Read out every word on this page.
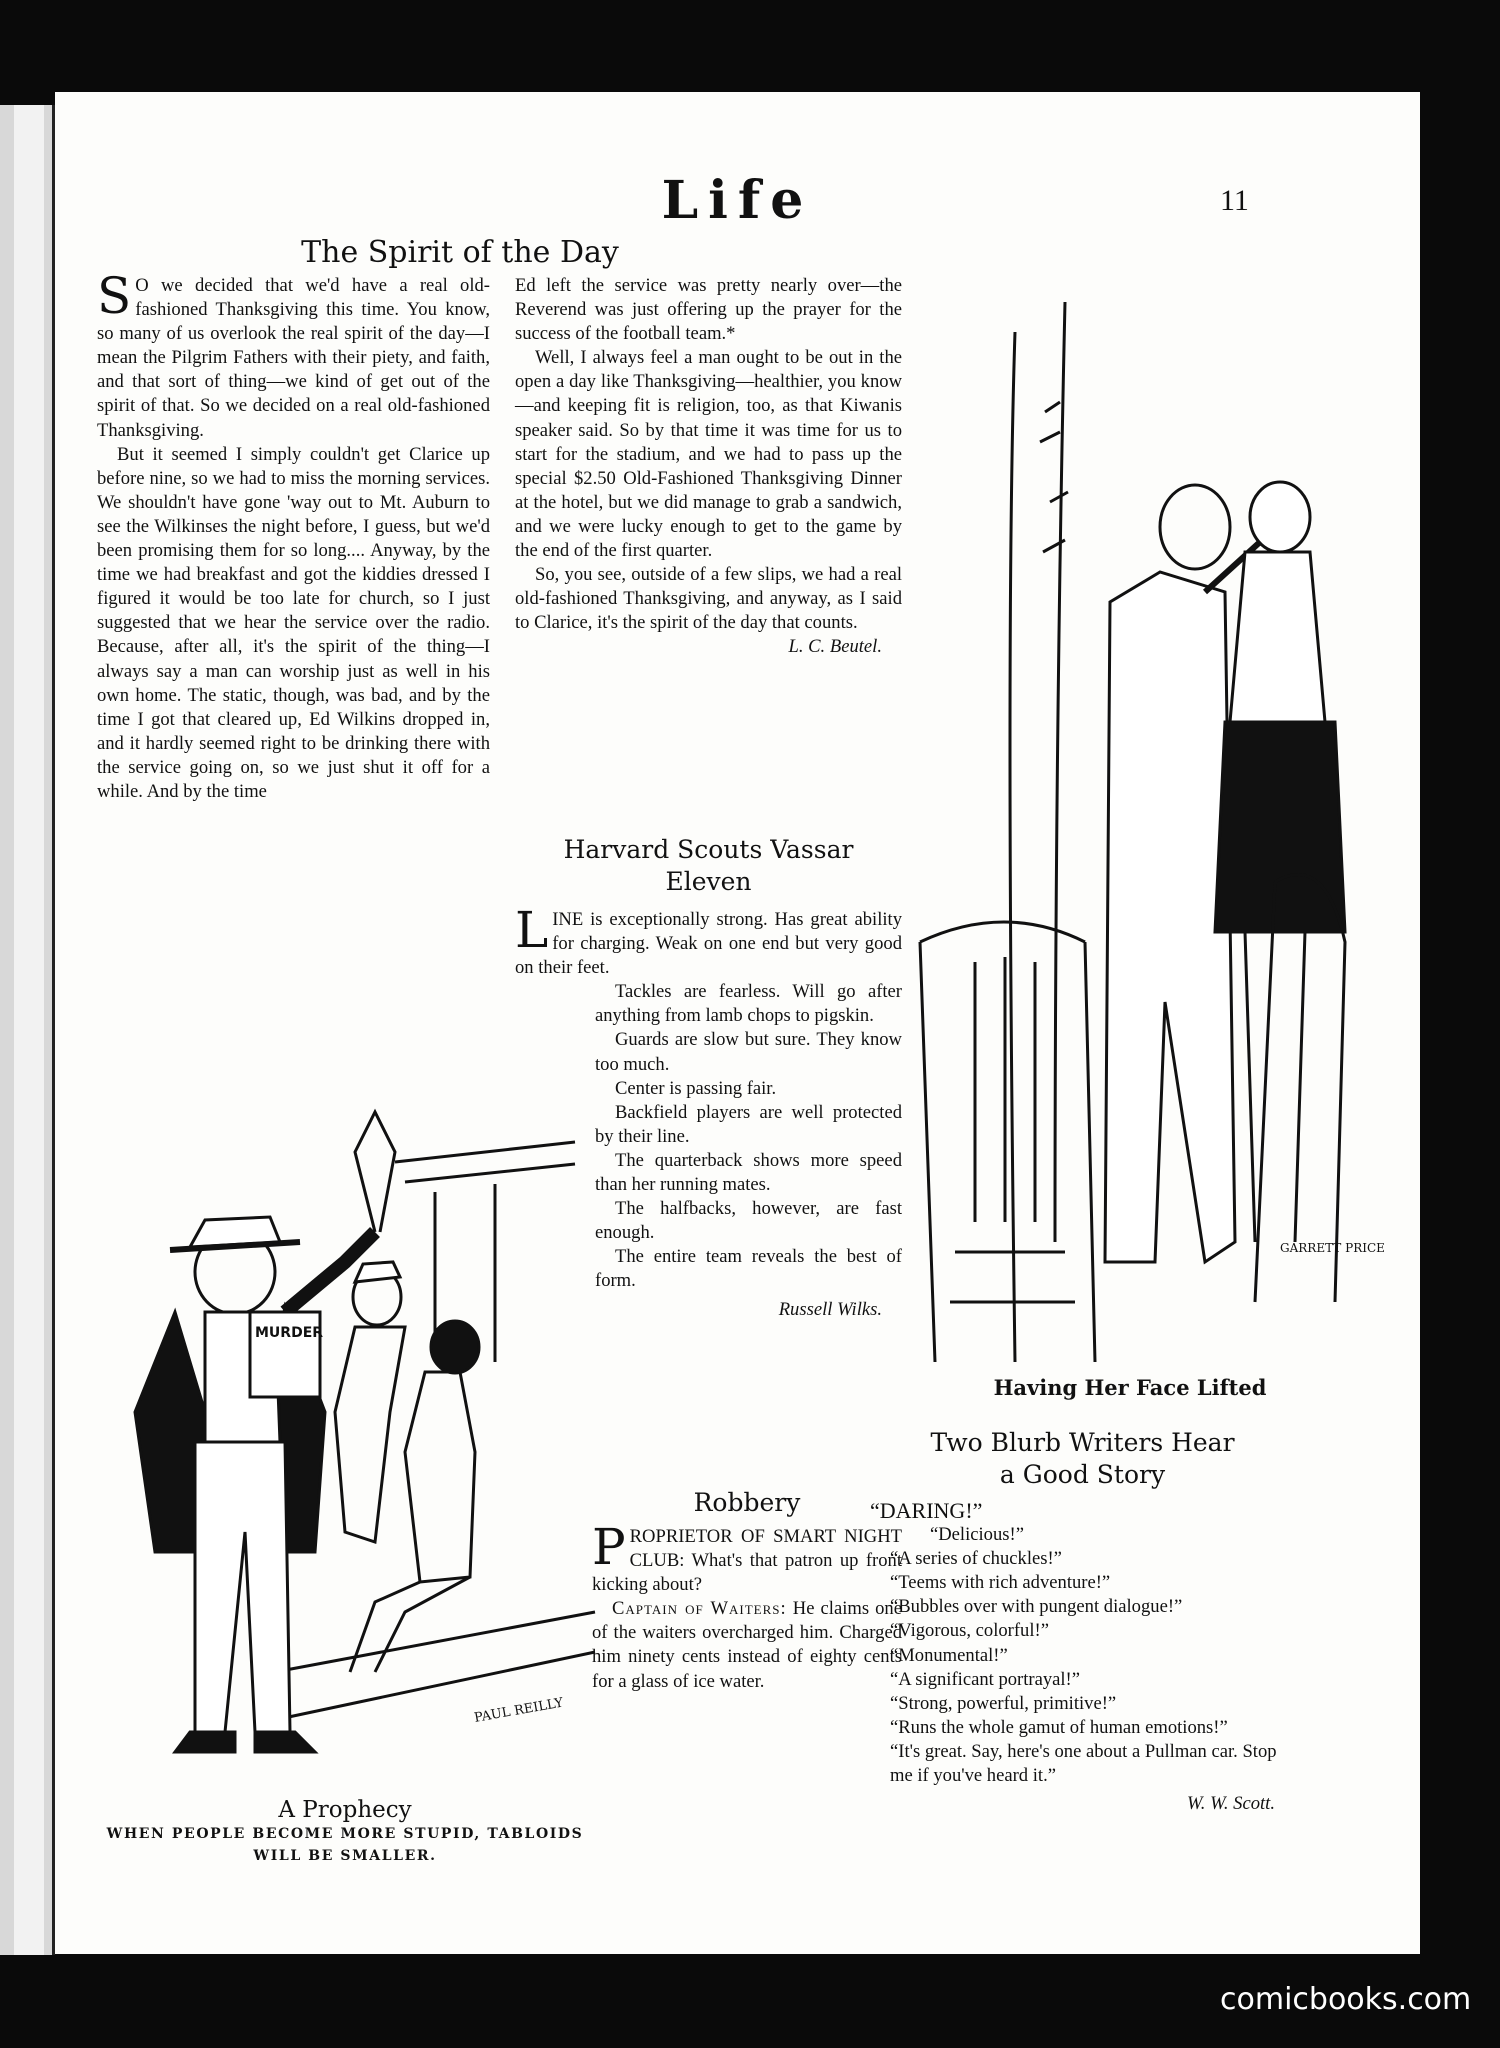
Life	11
The Spirit of the Day

S O we decided that we'd have a real old-fashioned Thanksgiving this time. You know, so many of us overlook the real spirit of the day—I mean the Pilgrim Fathers with their piety, and faith, and that sort of thing—we kind of get out of the spirit of that. So we decided on a real old-fashioned Thanksgiving.

But it seemed I simply couldn't get Clarice up before nine, so we had to miss the morning services. We shouldn't have gone 'way out to Mt. Auburn to see the Wilkinses the night before, I guess, but we'd been promising them for so long.... Anyway, by the time we had breakfast and got the kiddies dressed I figured it would be too late for church, so I just suggested that we hear the service over the radio. Because, after all, it's the spirit of the thing—I always say a man can worship just as well in his own home. The static, though, was bad, and by the time I got that cleared up, Ed Wilkins dropped in, and it hardly seemed right to be drinking there with the service going on, so we just shut it off for a while. And by the time

Ed left the service was pretty nearly over—the Reverend was just offering up the prayer for the success of the football team.*

Well, I always feel a man ought to be out in the open a day like Thanksgiving—healthier, you know —and keeping fit is religion, too, as that Kiwanis speaker said. So by that time it was time for us to start for the stadium, and we had to pass up the special $2.50 Old-Fashioned Thanksgiving Dinner at the hotel, but we did manage to grab a sandwich, and we were lucky enough to get to the game by the end of the first quarter.

So, you see, outside of a few slips, we had a real old-fashioned Thanksgiving, and anyway, as I said to Clarice, it's the spirit of the day that counts.

L. C. Beutel.
Harvard Scouts Vassar
Eleven

LINE is exceptionally strong. Has great ability for charging. Weak on one end but very good on their feet.

Tackles are fearless. Will go after anything from lamb chops to pigskin.

Guards are slow but sure. They know too much.

Center is passing fair.

Backfield players are well protected by their line.

The quarterback shows more speed than her running mates.

The halfbacks, however, are fast enough.

The entire team reveals the best of form.

Russell Wilks.
Robbery

PROPRIETOR OF SMART NIGHT CLUB: What's that patron up front kicking about?

Captain of Waiters: He claims one of the waiters overcharged him. Charged him ninety cents instead of eighty cents for a glass of ice water.

MURDER
PAUL REILLY
A Prophecy
WHEN PEOPLE BECOME MORE STUPID, TABLOIDS
WILL BE SMALLER.
GARRETT PRICE
Having Her Face Lifted
Two Blurb Writers Hear
a Good Story
“DARING!”
“Delicious!”
“A series of chuckles!”
“Teems with rich adventure!”
“Bubbles over with pungent dialogue!”
“Vigorous, colorful!”
“Monumental!”
“A significant portrayal!”
“Strong, powerful, primitive!”
“Runs the whole gamut of human emotions!”
“It's great. Say, here's one about a Pullman car. Stop me if you've heard it.”
W. W. Scott.
comicbooks.com
